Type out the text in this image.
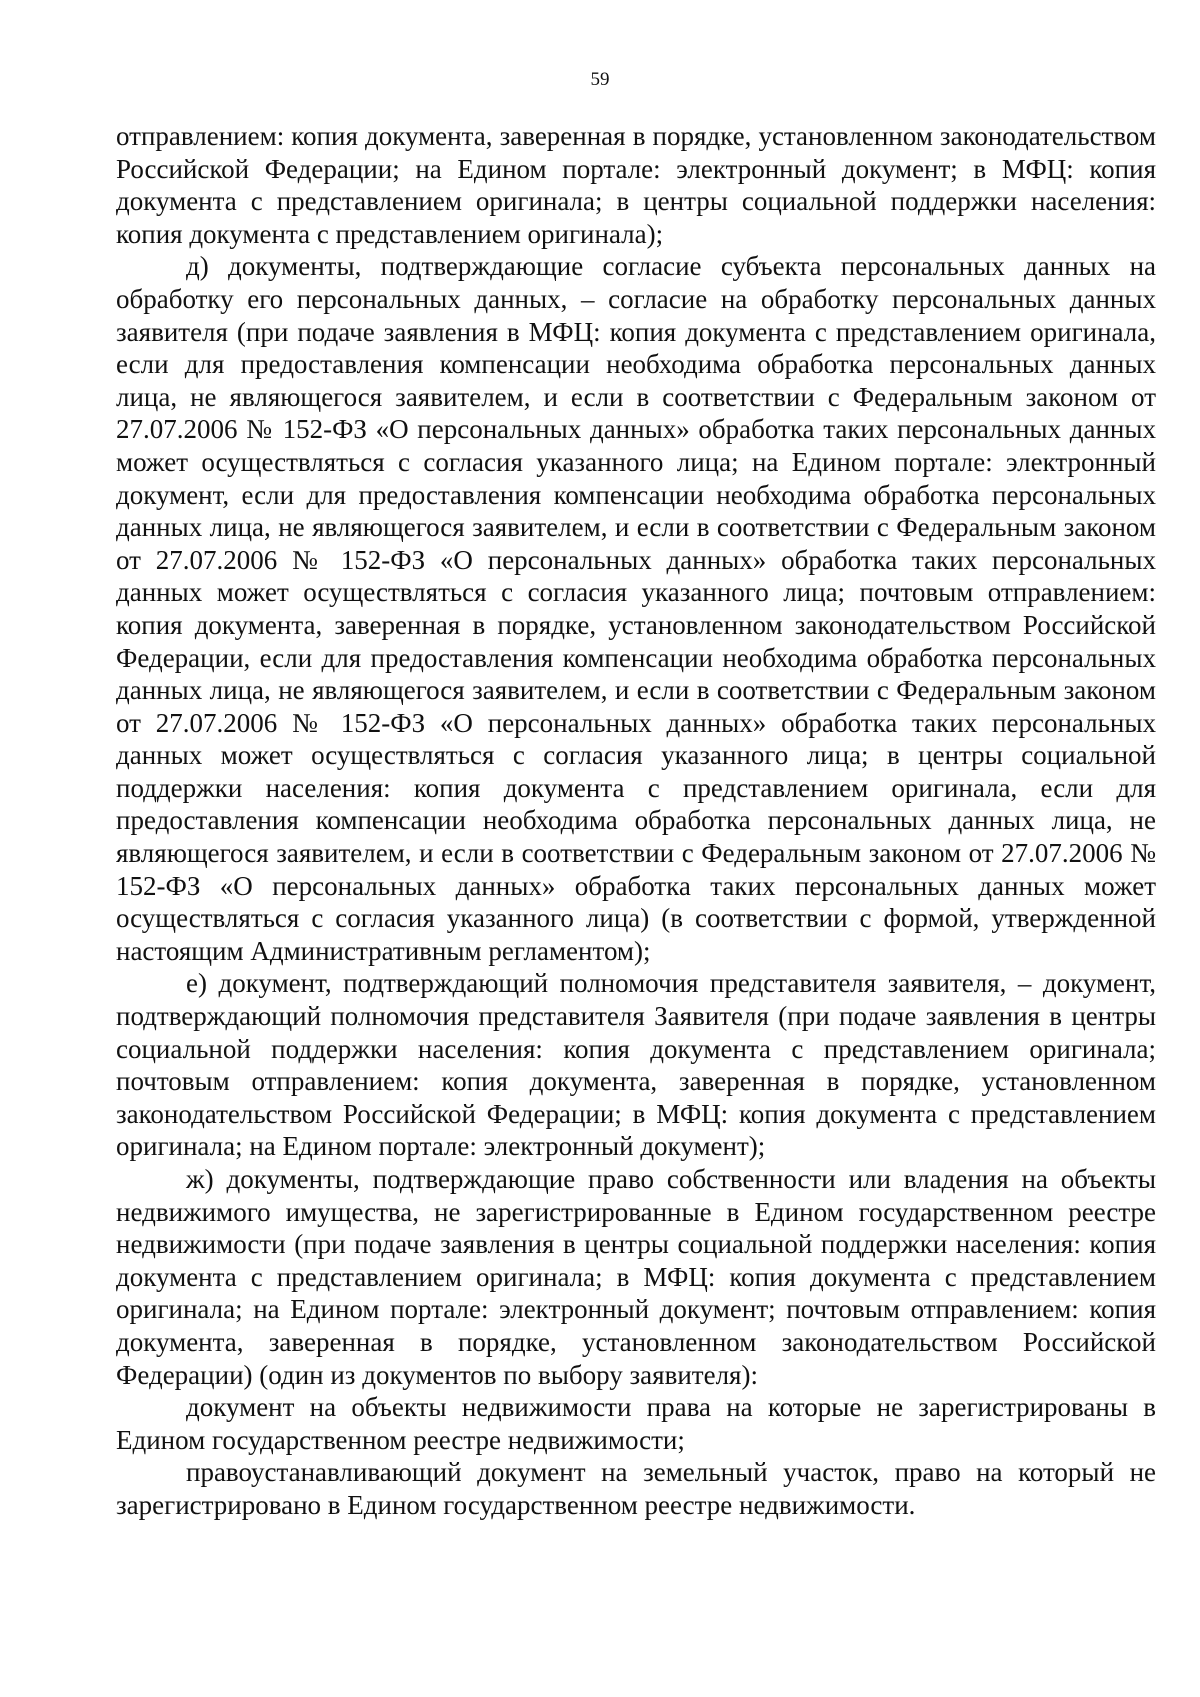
59

отправлением: копия документа, заверенная в порядке, установленном законодательством Российской Федерации; на Едином портале: электронный документ; в МФЦ: копия документа с представлением оригинала; в центры социальной поддержки населения: копия документа с представлением оригинала);

д) документы, подтверждающие согласие субъекта персональных данных на обработку его персональных данных, – согласие на обработку персональных данных заявителя (при подаче заявления в МФЦ: копия документа с представлением оригинала, если для предоставления компенсации необходима обработка персональных данных лица, не являющегося заявителем, и если в соответствии с Федеральным законом от 27.07.2006 № 152-ФЗ «О персональных данных» обработка таких персональных данных может осуществляться с согласия указанного лица; на Едином портале: электронный документ, если для предоставления компенсации необходима обработка персональных данных лица, не являющегося заявителем, и если в соответствии с Федеральным законом от 27.07.2006 № 152-ФЗ «О персональных данных» обработка таких персональных данных может осуществляться с согласия указанного лица; почтовым отправлением: копия документа, заверенная в порядке, установленном законодательством Российской Федерации, если для предоставления компенсации необходима обработка персональных данных лица, не являющегося заявителем, и если в соответствии с Федеральным законом от 27.07.2006 № 152-ФЗ «О персональных данных» обработка таких персональных данных может осуществляться с согласия указанного лица; в центры социальной поддержки населения: копия документа с представлением оригинала, если для предоставления компенсации необходима обработка персональных данных лица, не являющегося заявителем, и если в соответствии с Федеральным законом от 27.07.2006 № 152-ФЗ «О персональных данных» обработка таких персональных данных может осуществляться с согласия указанного лица) (в соответствии с формой, утвержденной настоящим Административным регламентом);

е) документ, подтверждающий полномочия представителя заявителя, – документ, подтверждающий полномочия представителя Заявителя (при подаче заявления в центры социальной поддержки населения: копия документа с представлением оригинала; почтовым отправлением: копия документа, заверенная в порядке, установленном законодательством Российской Федерации; в МФЦ: копия документа с представлением оригинала; на Едином портале: электронный документ);

ж) документы, подтверждающие право собственности или владения на объекты недвижимого имущества, не зарегистрированные в Едином государственном реестре недвижимости (при подаче заявления в центры социальной поддержки населения: копия документа с представлением оригинала; в МФЦ: копия документа с представлением оригинала; на Едином портале: электронный документ; почтовым отправлением: копия документа, заверенная в порядке, установленном законодательством Российской Федерации) (один из документов по выбору заявителя):

документ на объекты недвижимости права на которые не зарегистрированы в Едином государственном реестре недвижимости;

правоустанавливающий документ на земельный участок, право на который не зарегистрировано в Едином государственном реестре недвижимости.
